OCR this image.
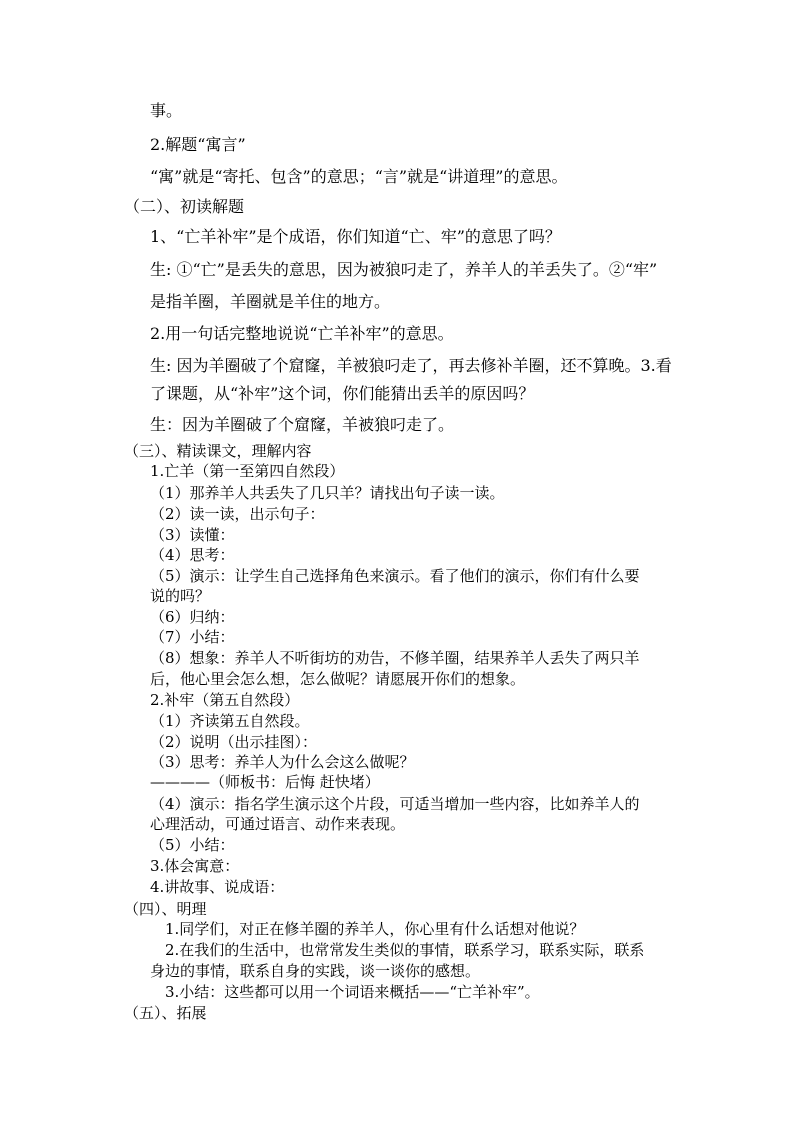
事。
2.解题“寓言”
“寓”就是“寄托、包含”的意思；“言”就是“讲道理”的意思。
（二）、初读解题
1、“亡羊补牢”是个成语，你们知道“亡、牢”的意思了吗？
生: ①“亡”是丢失的意思，因为被狼叼走了，养羊人的羊丢失了。②“牢”
是指羊圈，羊圈就是羊住的地方。
2.用一句话完整地说说“亡羊补牢”的意思。
生: 因为羊圈破了个窟窿，羊被狼叼走了，再去修补羊圈，还不算晚。3.看
了课题，从“补牢”这个词，你们能猜出丢羊的原因吗？
生：因为羊圈破了个窟窿，羊被狼叼走了。
（三）、精读课文，理解内容
1.亡羊（第一至第四自然段）
（1）那养羊人共丢失了几只羊？请找出句子读一读。
（2）读一读，出示句子：
（3）读懂：
（4）思考：
（5）演示：让学生自己选择角色来演示。看了他们的演示，你们有什么要
说的吗？
（6）归纳：
（7）小结：
（8）想象：养羊人不听街坊的劝告，不修羊圈，结果养羊人丢失了两只羊
后，他心里会怎么想，怎么做呢？请愿展开你们的想象。
2.补牢（第五自然段）
（1）齐读第五自然段。
（2）说明（出示挂图）：
（3）思考：养羊人为什么会这么做呢？
————（师板书：后悔 赶快堵）
（4）演示：指名学生演示这个片段，可适当增加一些内容，比如养羊人的
心理活动，可通过语言、动作来表现。
（5）小结：
3.体会寓意：
4.讲故事、说成语：
（四）、明理
1.同学们，对正在修羊圈的养羊人，你心里有什么话想对他说？
2.在我们的生活中，也常常发生类似的事情，联系学习，联系实际，联系
身边的事情，联系自身的实践，谈一谈你的感想。
3.小结：这些都可以用一个词语来概括——“亡羊补牢”。
（五）、拓展
